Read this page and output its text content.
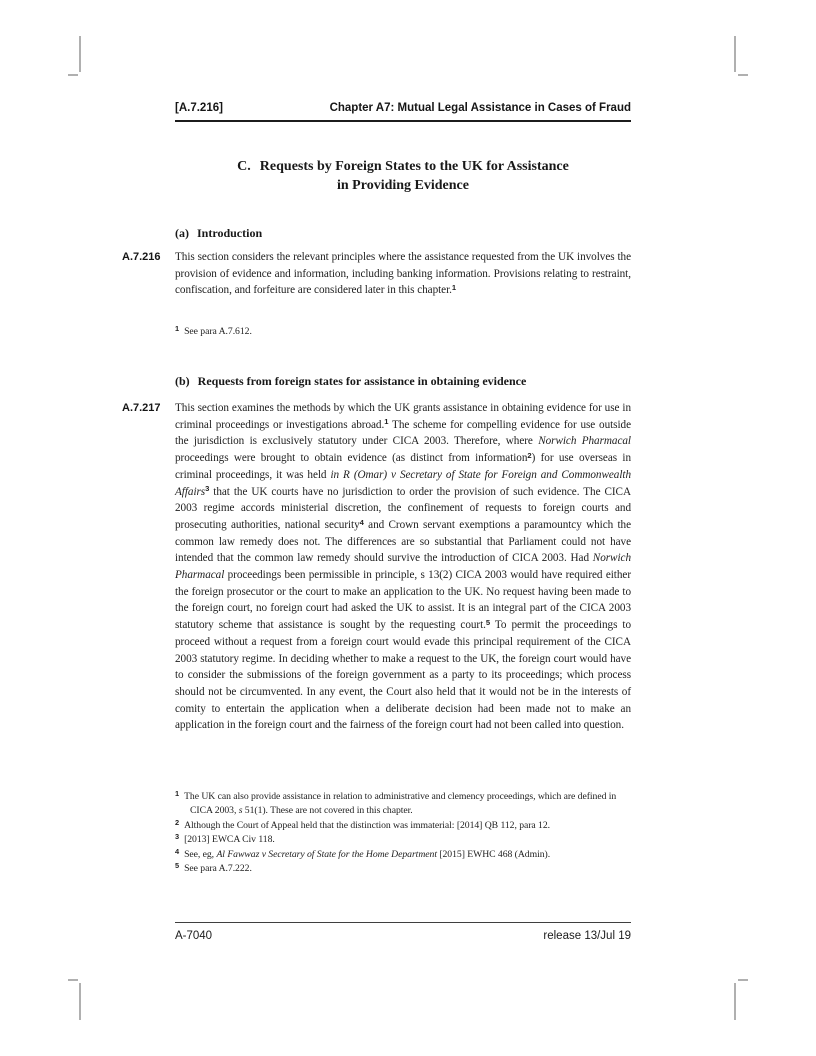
[A.7.216]	Chapter A7: Mutual Legal Assistance in Cases of Fraud
C. Requests by Foreign States to the UK for Assistance
in Providing Evidence
(a) Introduction
A.7.216	This section considers the relevant principles where the assistance requested from the UK involves the provision of evidence and information, including banking information. Provisions relating to restraint, confiscation, and forfeiture are considered later in this chapter.$^1$
$^1$ See para A.7.612.
(b) Requests from foreign states for assistance in obtaining evidence
A.7.217	This section examines the methods by which the UK grants assistance in obtaining evidence for use in criminal proceedings or investigations abroad.$^1$ The scheme for compelling evidence for use outside the jurisdiction is exclusively statutory under CICA 2003. Therefore, where Norwich Pharmacal proceedings were brought to obtain evidence (as distinct from information$^2$) for use overseas in criminal proceedings, it was held in R (Omar) v Secretary of State for Foreign and Commonwealth Affairs$^3$ that the UK courts have no jurisdiction to order the provision of such evidence. The CICA 2003 regime accords ministerial discretion, the confinement of requests to foreign courts and prosecuting authorities, national security$^4$ and Crown servant exemptions a paramountcy which the common law remedy does not. The differences are so substantial that Parliament could not have intended that the common law remedy should survive the introduction of CICA 2003. Had Norwich Pharmacal proceedings been permissible in principle, s 13(2) CICA 2003 would have required either the foreign prosecutor or the court to make an application to the UK. No request having been made to the foreign court, no foreign court had asked the UK to assist. It is an integral part of the CICA 2003 statutory scheme that assistance is sought by the requesting court.$^5$ To permit the proceedings to proceed without a request from a foreign court would evade this principal requirement of the CICA 2003 statutory regime. In deciding whether to make a request to the UK, the foreign court would have to consider the submissions of the foreign government as a party to its proceedings; which process should not be circumvented. In any event, the Court also held that it would not be in the interests of comity to entertain the application when a deliberate decision had been made not to make an application in the foreign court and the fairness of the foreign court had not been called into question.
$^1$ The UK can also provide assistance in relation to administrative and clemency proceedings, which are defined in CICA 2003, s 51(1). These are not covered in this chapter.
$^2$ Although the Court of Appeal held that the distinction was immaterial: [2014] QB 112, para 12.
$^3$ [2013] EWCA Civ 118.
$^4$ See, eg, Al Fawwaz v Secretary of State for the Home Department [2015] EWHC 468 (Admin).
$^5$ See para A.7.222.
A-7040	release 13/Jul 19
